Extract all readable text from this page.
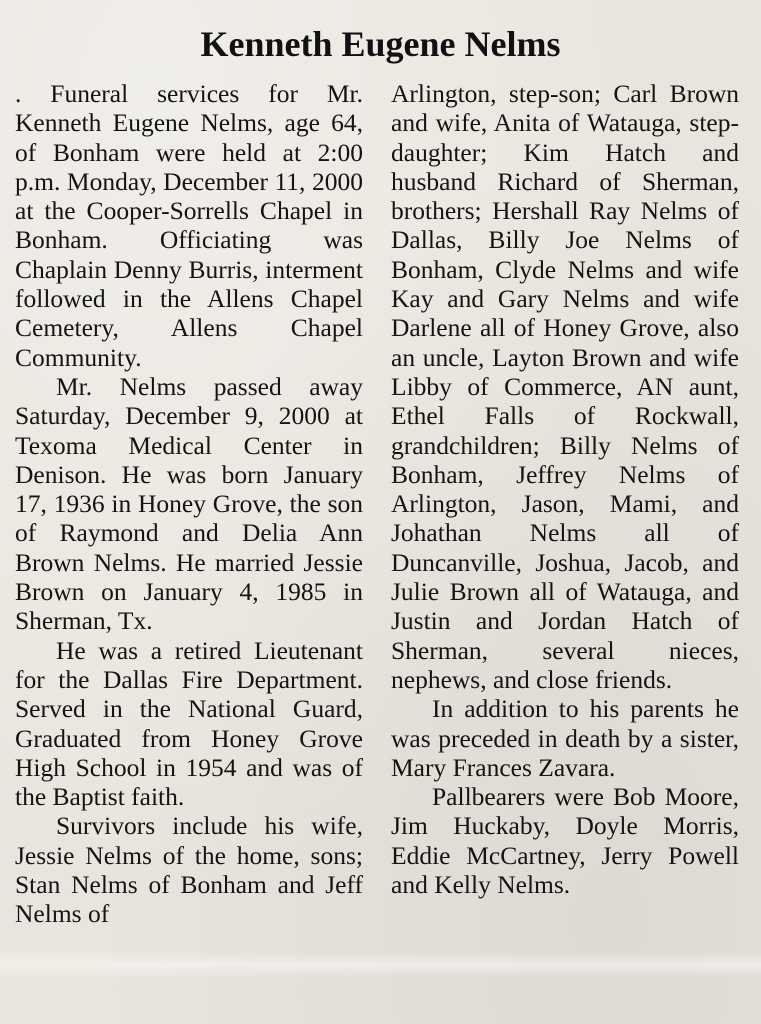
Kenneth Eugene Nelms

. Funeral services for Mr. Kenneth Eugene Nelms, age 64, of Bonham were held at 2:00 p.m. Monday, December 11, 2000 at the Cooper-Sorrells Chapel in Bonham. Officiating was Chaplain Denny Burris, interment followed in the Allens Chapel Cemetery, Allens Chapel Community.

Mr. Nelms passed away Saturday, December 9, 2000 at Texoma Medical Center in Denison. He was born January 17, 1936 in Honey Grove, the son of Raymond and Delia Ann Brown Nelms. He married Jessie Brown on January 4, 1985 in Sherman, Tx.

He was a retired Lieutenant for the Dallas Fire Department. Served in the National Guard, Graduated from Honey Grove High School in 1954 and was of the Baptist faith.

Survivors include his wife, Jessie Nelms of the home, sons; Stan Nelms of Bonham and Jeff Nelms of

Arlington, step-son; Carl Brown and wife, Anita of Watauga, step-daughter; Kim Hatch and husband Richard of Sherman, brothers; Hershall Ray Nelms of Dallas, Billy Joe Nelms of Bonham, Clyde Nelms and wife Kay and Gary Nelms and wife Darlene all of Honey Grove, also an uncle, Layton Brown and wife Libby of Commerce, AN aunt, Ethel Falls of Rockwall, grandchildren; Billy Nelms of Bonham, Jeffrey Nelms of Arlington, Jason, Mami, and Johathan Nelms all of Duncanville, Joshua, Jacob, and Julie Brown all of Watauga, and Justin and Jordan Hatch of Sherman, several nieces, nephews, and close friends.

In addition to his parents he was preceded in death by a sister, Mary Frances Zavara.

Pallbearers were Bob Moore, Jim Huckaby, Doyle Morris, Eddie McCartney, Jerry Powell and Kelly Nelms.
